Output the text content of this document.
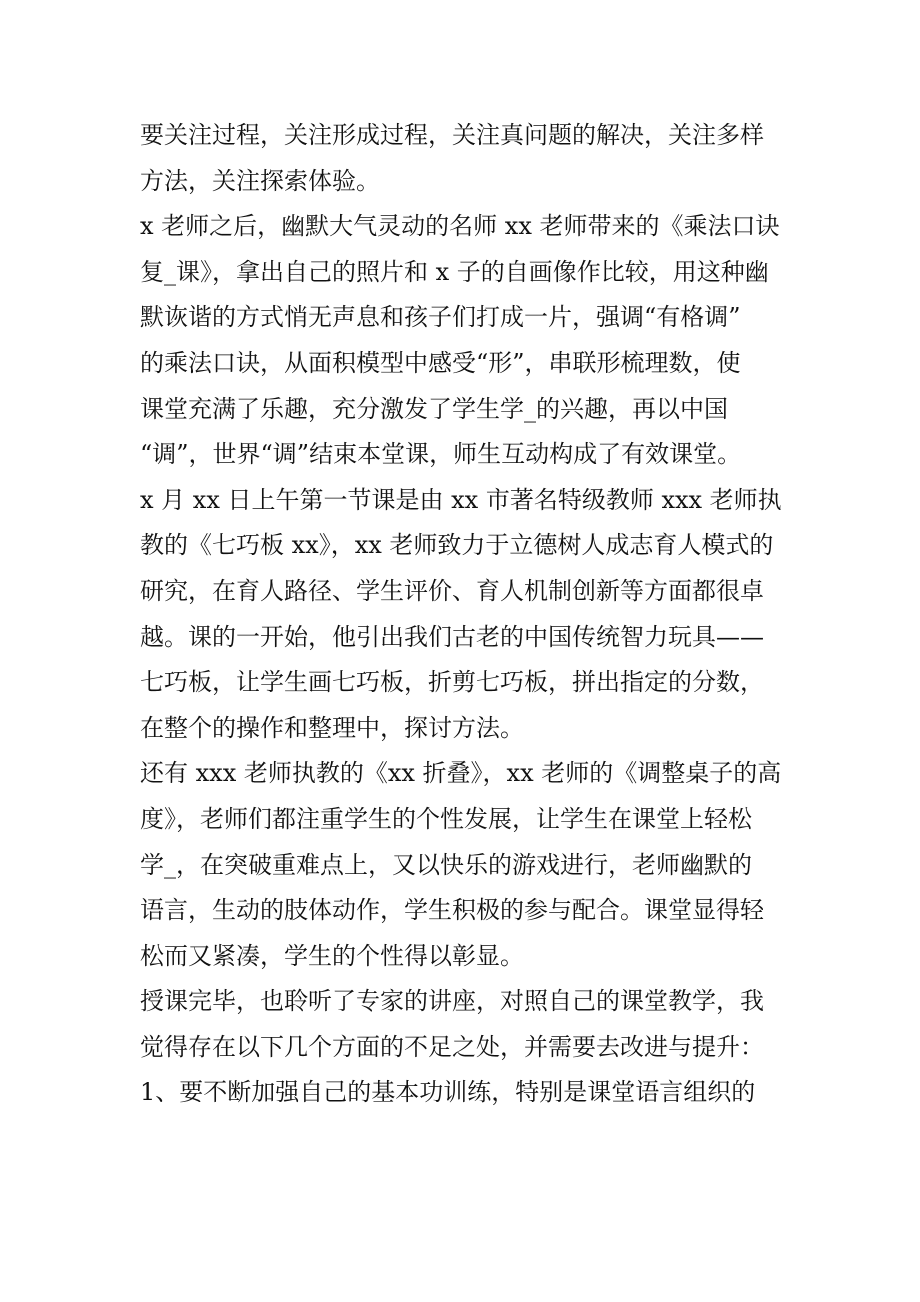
要关注过程，关注形成过程，关注真问题的解决，关注多样
方法，关注探索体验。
x 老师之后，幽默大气灵动的名师 xx 老师带来的《乘法口诀
复_课》，拿出自己的照片和 x 子的自画像作比较，用这种幽
默诙谐的方式悄无声息和孩子们打成一片，强调“有格调”
的乘法口诀，从面积模型中感受“形”，串联形梳理数，使
课堂充满了乐趣，充分激发了学生学_的兴趣，再以中国
“调”，世界“调”结束本堂课，师生互动构成了有效课堂。
x 月 xx 日上午第一节课是由 xx 市著名特级教师 xxx 老师执
教的《七巧板 xx》，xx 老师致力于立德树人成志育人模式的
研究，在育人路径、学生评价、育人机制创新等方面都很卓
越。课的一开始，他引出我们古老的中国传统智力玩具——
七巧板，让学生画七巧板，折剪七巧板，拼出指定的分数，
在整个的操作和整理中，探讨方法。
还有 xxx 老师执教的《xx 折叠》，xx 老师的《调整桌子的高
度》，老师们都注重学生的个性发展，让学生在课堂上轻松
学_，在突破重难点上，又以快乐的游戏进行，老师幽默的
语言，生动的肢体动作，学生积极的参与配合。课堂显得轻
松而又紧凑，学生的个性得以彰显。
授课完毕，也聆听了专家的讲座，对照自己的课堂教学，我
觉得存在以下几个方面的不足之处，并需要去改进与提升：
1、要不断加强自己的基本功训练，特别是课堂语言组织的
